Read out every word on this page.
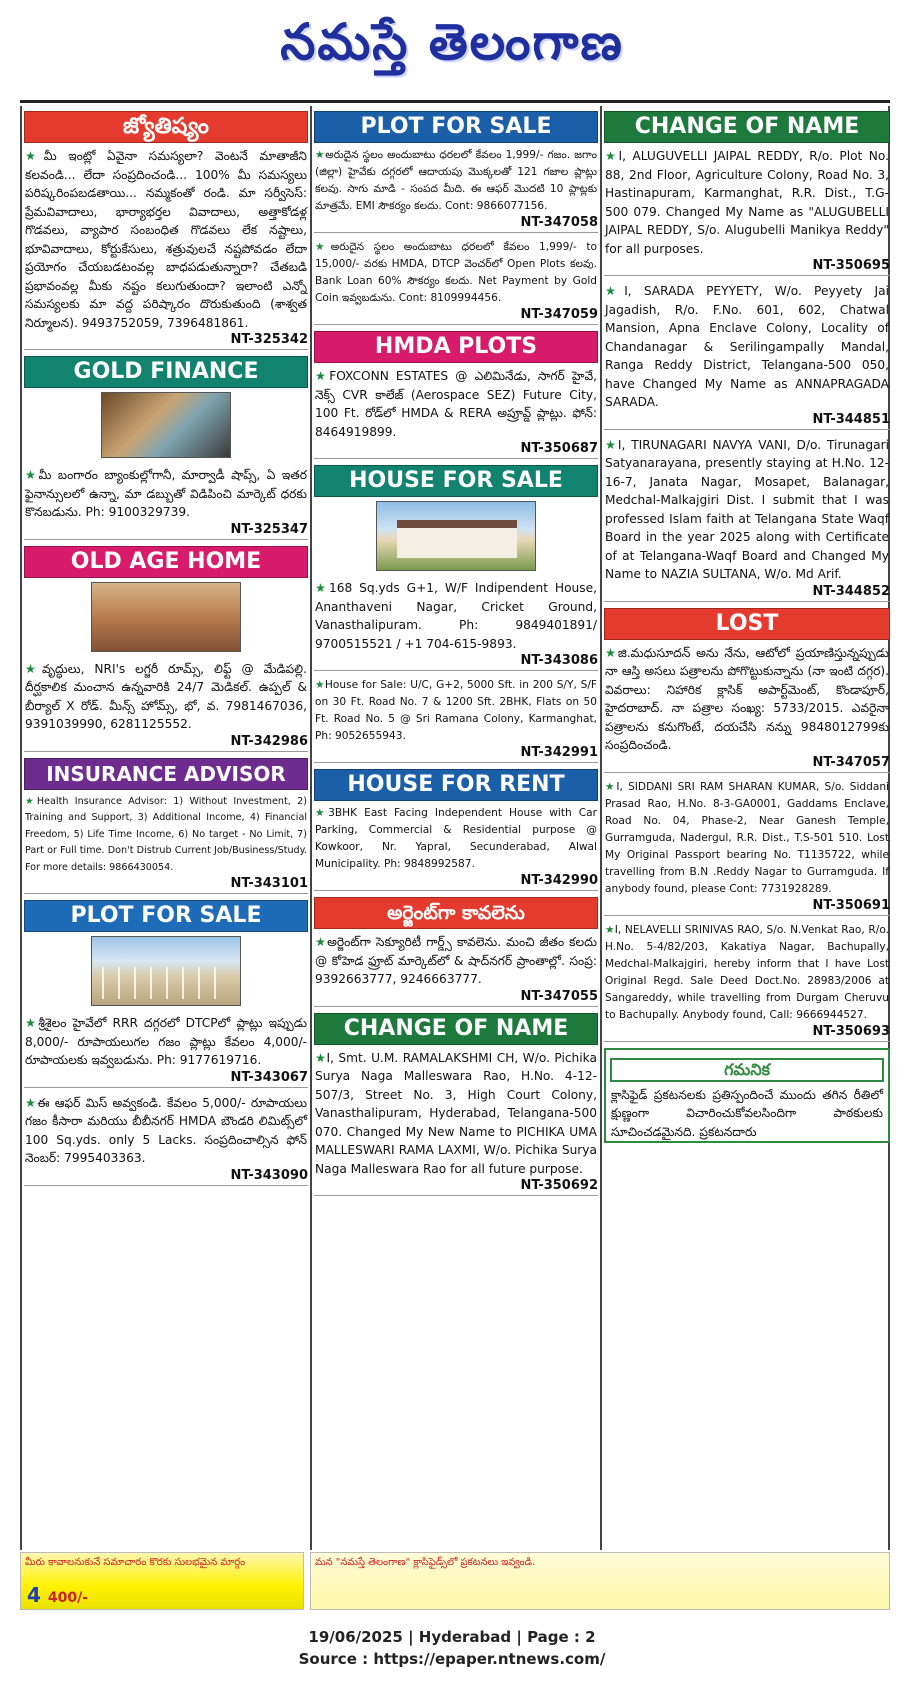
నమస్తే తెలంగాణ
జ్యోతిష్యం

★మీ ఇంట్లో ఏవైనా సమస్యలా? వెంటనే మాతాజీని కలవండి... లేదా సంప్రదించండి... 100% మీ సమస్యలు పరిష్కరింపబడతాయి... నమ్మకంతో రండి. మా సర్వీసెస్: ప్రేమవివాదాలు, భార్యాభర్తల వివాదాలు, అత్తాకోడళ్ల గొడవలు, వ్యాపార సంబంధిత గొడవలు లేక నష్టాలు, భూవివాదాలు, కోర్టుకేసులు, శత్రువులచే నష్టపోవడం లేదా ప్రయోగం చేయబడటంవల్ల బాధపడుతున్నారా? చేతబడి ప్రభావంవల్ల మీకు నష్టం కలుగుతుందా? ఇలాంటి ఎన్నో సమస్యలకు మా వద్ద పరిష్కారం దొరుకుతుంది (శాశ్వత నిర్మూలన). 9493752059, 7396481861.

NT-325342
GOLD FINANCE

★మీ బంగారం బ్యాంకుల్లోగానీ, మార్వాడీ షాప్స్, ఏ ఇతర ఫైనాన్సులలో ఉన్నా, మా డబ్బుతో విడిపించి మార్కెట్ ధరకు కొనబడును. Ph: 9100329739.

NT-325347
OLD AGE HOME

★వృద్ధులు, NRI's లగ్జరీ రూమ్స్, లిఫ్ట్ @ మేడిపల్లి. దీర్ఘకాలిక మంచాన ఉన్నవారికి 24/7 మెడికల్. ఉప్పల్ & బీర్యాల్ X రోడ్. మీన్స్ హోమ్స్, భో, వ. 7981467036, 9391039990, 6281125552.

NT-342986
INSURANCE ADVISOR

★Health Insurance Advisor: 1) Without Investment, 2) Training and Support, 3) Additional Income, 4) Financial Freedom, 5) Life Time Income, 6) No target - No Limit, 7) Part or Full time. Don't Distrub Current Job/Business/Study. For more details: 9866430054.

NT-343101
PLOT FOR SALE

★శ్రీశైలం హైవేలో RRR దగ్గరలో DTCPలో ప్లాట్లు ఇప్పుడు 8,000/- రూపాయలుగల గజం ప్లాట్లు కేవలం 4,000/- రూపాయలకు ఇవ్వబడును. Ph: 9177619716.

NT-343067

★ఈ ఆఫర్ మిస్ అవ్వకండి. కేవలం 5,000/- రూపాయలు గజం కీసారా మరియు బీబీనగర్ HMDA బౌండరి లిమిట్స్‌లో 100 Sq.yds. only 5 Lacks. సంప్రదించాల్సిన ఫోన్ నెంబర్: 7995403363.

NT-343090
PLOT FOR SALE

★అరుదైన స్థలం అందుబాటు ధరలలో కేవలం 1,999/- గజం. జగాం (జిల్లా) హైవేకు దగ్గరలో ఆదాయపు మొక్కలతో 121 గజాల ప్లాట్లు కలవు. సాగు మాడి - సంపద మీది. ఈ ఆఫర్ మొదటి 10 ప్లాట్లకు మాత్రమే. EMI సౌకర్యం కలదు. Cont: 9866077156.

NT-347058

★అరుదైన స్థలం అందుబాటు ధరలలో కేవలం 1,999/- to 15,000/- వరకు HMDA, DTCP వెంచర్‌లో Open Plots కలవు. Bank Loan 60% సౌకర్యం కలదు. Net Payment by Gold Coin ఇవ్వబడును. Cont: 8109994456.

NT-347059
HMDA PLOTS

★FOXCONN ESTATES @ ఎలిమినేడు, సాగర్ హైవే, నెక్స్ CVR కాలేజ్ (Aerospace SEZ) Future City, 100 Ft. రోడ్‌లో HMDA & RERA అప్రూవ్డ్ ప్లాట్లు. ఫోన్: 8464919899.

NT-350687
HOUSE FOR SALE

★168 Sq.yds G+1, W/F Indipendent House, Ananthaveni Nagar, Cricket Ground, Vanasthalipuram. Ph: 9849401891/ 9700515521 / +1 704-615-9893.

NT-343086

★House for Sale: U/C, G+2, 5000 Sft. in 200 S/Y, S/F on 30 Ft. Road No. 7 & 1200 Sft. 2BHK, Flats on 50 Ft. Road No. 5 @ Sri Ramana Colony, Karmanghat, Ph: 9052655943.

NT-342991
HOUSE FOR RENT

★3BHK East Facing Independent House with Car Parking, Commercial & Residential purpose @ Kowkoor, Nr. Yapral, Secunderabad, Alwal Municipality. Ph: 9848992587.

NT-342990
అర్జెంట్‌గా కావలెను

★అర్జెంట్‌గా సెక్యూరిటీ గార్డ్స్ కావలెను. మంచి జీతం కలదు @ కోహెడ ఫ్రూట్ మార్కెట్‌లో & షాద్‌నగర్ ప్రాంతాల్లో. సంప్ర: 9392663777, 9246663777.

NT-347055
CHANGE OF NAME

★I, Smt. U.M. RAMALAKSHMI CH, W/o. Pichika Surya Naga Malleswara Rao, H.No. 4-12-507/3, Street No. 3, High Court Colony, Vanasthalipuram, Hyderabad, Telangana-500 070. Changed My New Name to PICHIKA UMA MALLESWARI RAMA LAXMI, W/o. Pichika Surya Naga Malleswara Rao for all future purpose.

NT-350692
CHANGE OF NAME

★I, ALUGUVELLI JAIPAL REDDY, R/o. Plot No. 88, 2nd Floor, Agriculture Colony, Road No. 3, Hastinapuram, Karmanghat, R.R. Dist., T.G-500 079. Changed My Name as "ALUGUBELLI JAIPAL REDDY, S/o. Alugubelli Manikya Reddy" for all purposes.

NT-350695

★I, SARADA PEYYETY, W/o. Peyyety Jai Jagadish, R/o. F.No. 601, 602, Chatwal Mansion, Apna Enclave Colony, Locality of Chandanagar & Serilingampally Mandal, Ranga Reddy District, Telangana-500 050, have Changed My Name as ANNAPRAGADA SARADA.

NT-344851

★I, TIRUNAGARI NAVYA VANI, D/o. Tirunagari Satyanarayana, presently staying at H.No. 12-16-7, Janata Nagar, Mosapet, Balanagar, Medchal-Malkajgiri Dist. I submit that I was professed Islam faith at Telangana State Waqf Board in the year 2025 along with Certificate of at Telangana-Waqf Board and Changed My Name to NAZIA SULTANA, W/o. Md Arif.

NT-344852
LOST

★జి.మధుసూదన్ అను నేను, ఆటోలో ప్రయాణిస్తున్నప్పుడు నా ఆస్తి అసలు పత్రాలను పోగొట్టుకున్నాను (నా ఇంటి దగ్గర). వివరాలు: నిహారిక క్లాసిక్ అపార్ట్‌మెంట్, కొండాపూర్, హైదరాబాద్. నా పత్రాల సంఖ్య: 5733/2015. ఎవరైనా పత్రాలను కనుగొంటే, దయచేసి నన్ను 9848012799కు సంప్రదించండి.

NT-347057

★I, SIDDANI SRI RAM SHARAN KUMAR, S/o. Siddani Prasad Rao, H.No. 8-3-GA0001, Gaddams Enclave, Road No. 04, Phase-2, Near Ganesh Temple, Gurramguda, Nadergul, R.R. Dist., T.S-501 510. Lost My Original Passport bearing No. T1135722, while travelling from B.N .Reddy Nagar to Gurramguda. If anybody found, please Cont: 7731928289.

NT-350691

★I, NELAVELLI SRINIVAS RAO, S/o. N.Venkat Rao, R/o. H.No. 5-4/82/203, Kakatiya Nagar, Bachupally, Medchal-Malkajgiri, hereby inform that I have Lost Original Regd. Sale Deed Doct.No. 28983/2006 at Sangareddy, while travelling from Durgam Cheruvu to Bachupally. Anybody found, Call: 9666944527.

NT-350693
గమనిక

క్లాసిఫైడ్ ప్రకటనలకు ప్రతిస్పందించే ముందు తగిన రీతిలో క్షుణ్ణంగా విచారించుకోవలసిందిగా పాఠకులకు సూచించడమైనది. ప్రకటనదారు

మీరు కావాలనుకునే సమాచారం కొరకు సులభమైన మార్గం
4 400/-
మన "నమస్తే తెలంగాణ" క్లాసిఫైడ్స్‌లో ప్రకటనలు ఇవ్వండి.
19/06/2025 | Hyderabad | Page : 2
Source : https://epaper.ntnews.com/
